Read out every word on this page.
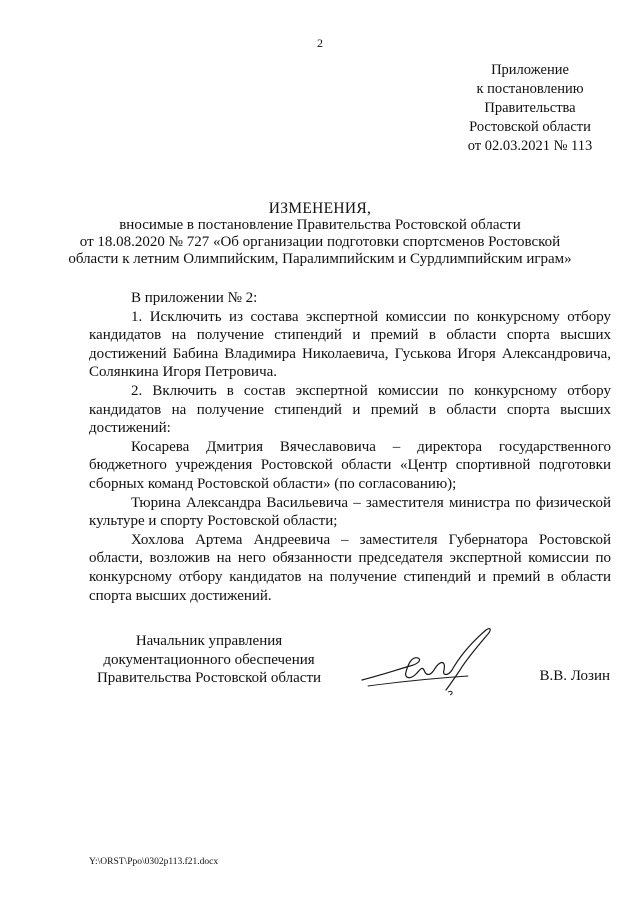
2
Приложение
к постановлению
Правительства
Ростовской области
от 02.03.2021 № 113
ИЗМЕНЕНИЯ,
вносимые в постановление Правительства Ростовской области
от 18.08.2020 № 727 «Об организации подготовки спортсменов Ростовской
области к летним Олимпийским, Паралимпийским и Сурдлимпийским играм»

В приложении № 2:

1. Исключить из состава экспертной комиссии по конкурсному отбору кандидатов на получение стипендий и премий в области спорта высших достижений Бабина Владимира Николаевича, Гуськова Игоря Александровича, Солянкина Игоря Петровича.

2. Включить в состав экспертной комиссии по конкурсному отбору кандидатов на получение стипендий и премий в области спорта высших достижений:

Косарева Дмитрия Вячеславовича – директора государственного бюджетного учреждения Ростовской области «Центр спортивной подготовки сборных команд Ростовской области» (по согласованию);

Тюрина Александра Васильевича – заместителя министра по физической культуре и спорту Ростовской области;

Хохлова Артема Андреевича – заместителя Губернатора Ростовской области, возложив на него обязанности председателя экспертной комиссии по конкурсному отбору кандидатов на получение стипендий и премий в области спорта высших достижений.

Начальник управления
документационного обеспечения
Правительства Ростовской области	В.В. Лозин
Y:\ORST\Ppo\0302p113.f21.docx
